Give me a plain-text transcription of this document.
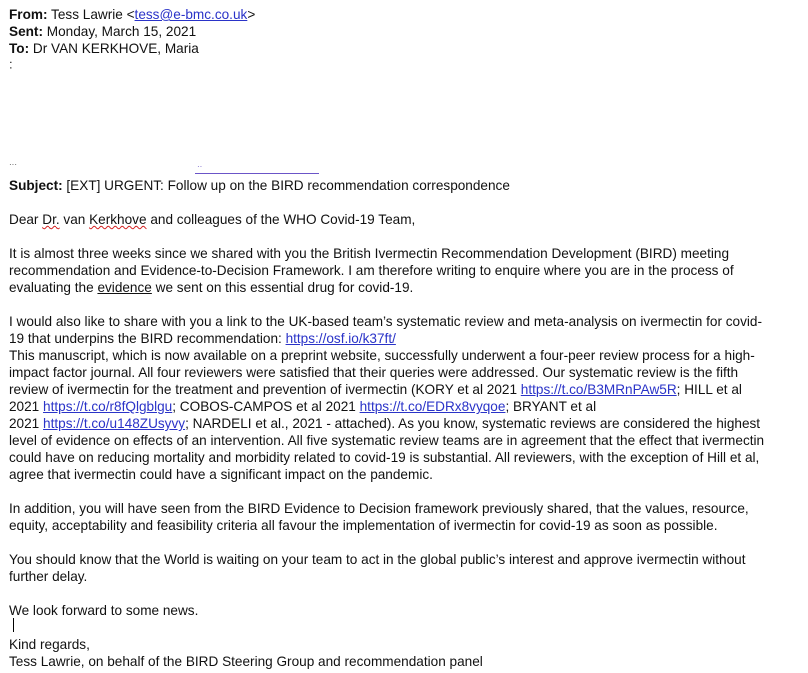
From: Tess Lawrie <tess@e-bmc.co.uk>
Sent: Monday, March 15, 2021
To: Dr VAN KERKHOVE, Maria
˸
···	··
Subject: [EXT] URGENT: Follow up on the BIRD recommendation correspondence
Dear Dr. van Kerkhove and colleagues of the WHO Covid-19 Team,
It is almost three weeks since we shared with you the British Ivermectin Recommendation Development (BIRD) meeting
recommendation and Evidence-to-Decision Framework. I am therefore writing to enquire where you are in the process of
evaluating the evidence we sent on this essential drug for covid-19.
I would also like to share with you a link to the UK-based team’s systematic review and meta-analysis on ivermectin for covid-
19 that underpins the BIRD recommendation: https://osf.io/k37ft/
This manuscript, which is now available on a preprint website, successfully underwent a four-peer review process for a high-
impact factor journal. All four reviewers were satisfied that their queries were addressed. Our systematic review is the fifth
review of ivermectin for the treatment and prevention of ivermectin (KORY et al 2021 https://t.co/B3MRnPAw5R; HILL et al
2021 https://t.co/r8fQlgblgu; COBOS-CAMPOS et al 2021 https://t.co/EDRx8vyqoe; BRYANT et al
2021 https://t.co/u148ZUsyvy; NARDELI et al., 2021 - attached). As you know, systematic reviews are considered the highest
level of evidence on effects of an intervention. All five systematic review teams are in agreement that the effect that ivermectin
could have on reducing mortality and morbidity related to covid-19 is substantial. All reviewers, with the exception of Hill et al,
agree that ivermectin could have a significant impact on the pandemic.
In addition, you will have seen from the BIRD Evidence to Decision framework previously shared, that the values, resource,
equity, acceptability and feasibility criteria all favour the implementation of ivermectin for covid-19 as soon as possible.
You should know that the World is waiting on your team to act in the global public’s interest and approve ivermectin without
further delay.
We look forward to some news.
Kind regards,
Tess Lawrie, on behalf of the BIRD Steering Group and recommendation panel
